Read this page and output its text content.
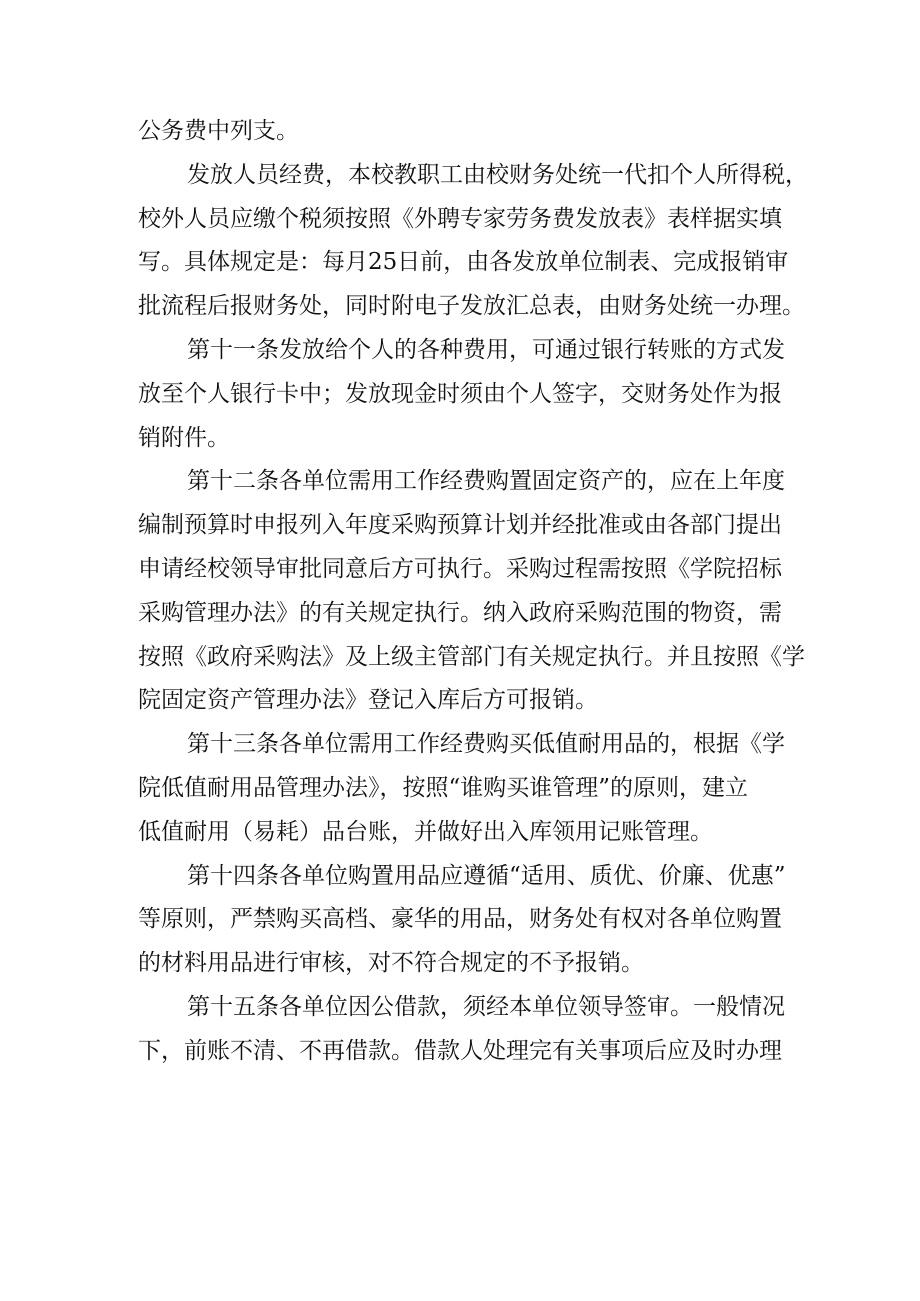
公务费中列支。
发放人员经费，本校教职工由校财务处统一代扣个人所得税，
校外人员应缴个税须按照《外聘专家劳务费发放表》表样据实填
写。具体规定是：每月25日前，由各发放单位制表、完成报销审
批流程后报财务处，同时附电子发放汇总表，由财务处统一办理。
第十一条发放给个人的各种费用，可通过银行转账的方式发
放至个人银行卡中；发放现金时须由个人签字，交财务处作为报
销附件。
第十二条各单位需用工作经费购置固定资产的，应在上年度
编制预算时申报列入年度采购预算计划并经批准或由各部门提出
申请经校领导审批同意后方可执行。采购过程需按照《学院招标
采购管理办法》的有关规定执行。纳入政府采购范围的物资，需
按照《政府采购法》及上级主管部门有关规定执行。并且按照《学
院固定资产管理办法》登记入库后方可报销。
第十三条各单位需用工作经费购买低值耐用品的，根据《学
院低值耐用品管理办法》，按照“谁购买谁管理”的原则，建立
低值耐用（易耗）品台账，并做好出入库领用记账管理。
第十四条各单位购置用品应遵循“适用、质优、价廉、优惠”
等原则，严禁购买高档、豪华的用品，财务处有权对各单位购置
的材料用品进行审核，对不符合规定的不予报销。
第十五条各单位因公借款，须经本单位领导签审。一般情况
下，前账不清、不再借款。借款人处理完有关事项后应及时办理
